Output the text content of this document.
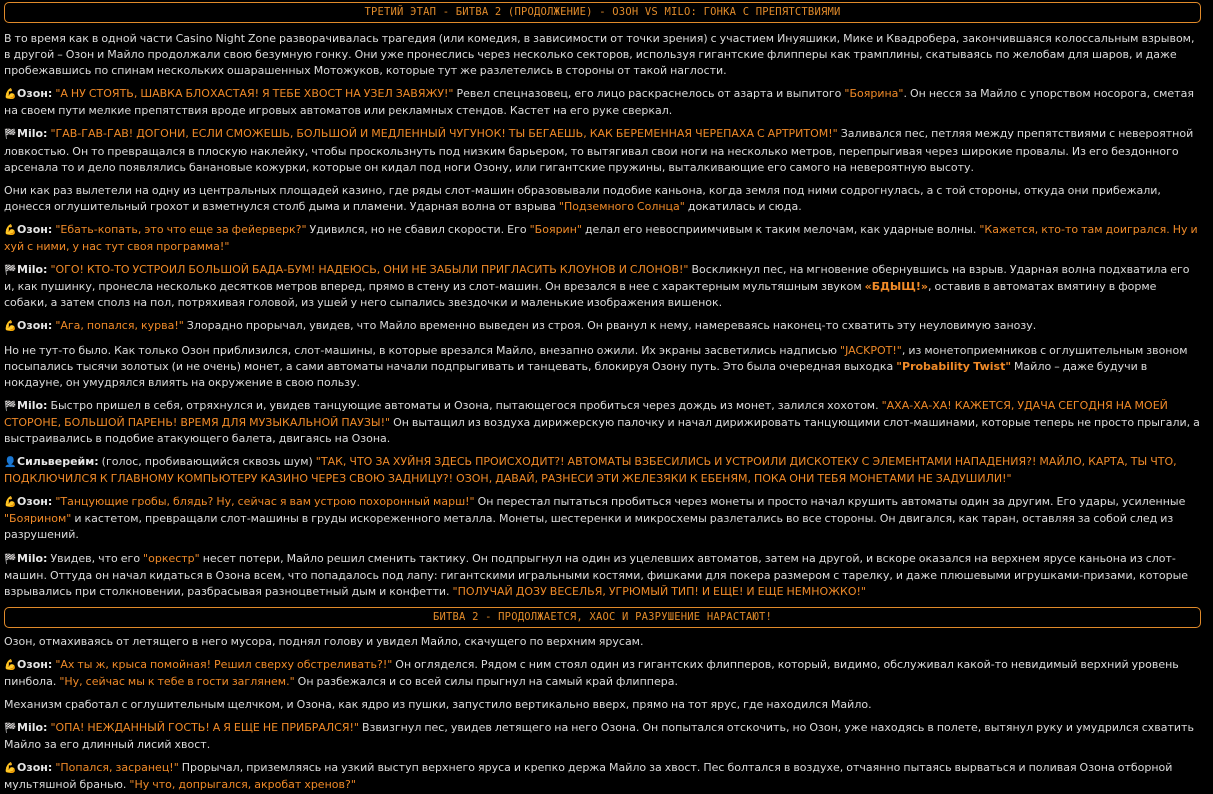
ТРЕТИЙ ЭТАП - БИТВА 2 (ПРОДОЛЖЕНИЕ) - ОЗОН VS MILO: ГОНКА С ПРЕПЯТСТВИЯМИ
В то время как в одной части Casino Night Zone разворачивалась трагедия (или комедия, в зависимости от точки зрения) с участием Инуяшики, Мике и Квадробера, закончившаяся колоссальным взрывом, в другой – Озон и Майло продолжали свою безумную гонку. Они уже пронеслись через несколько секторов, используя гигантские флипперы как трамплины, скатываясь по желобам для шаров, и даже пробежавшись по спинам нескольких ошарашенных Мотожуков, которые тут же разлетелись в стороны от такой наглости.
💪Озон: "А НУ СТОЯТЬ, ШАВКА БЛОХАСТАЯ! Я ТЕБЕ ХВОСТ НА УЗЕЛ ЗАВЯЖУ!" Ревел спецназовец, его лицо раскраснелось от азарта и выпитого "Боярина". Он несся за Майло с упорством носорога, сметая на своем пути мелкие препятствия вроде игровых автоматов или рекламных стендов. Кастет на его руке сверкал.
🏁Milo: "ГАВ-ГАВ-ГАВ! ДОГОНИ, ЕСЛИ СМОЖЕШЬ, БОЛЬШОЙ И МЕДЛЕННЫЙ ЧУГУНОК! ТЫ БЕГАЕШЬ, КАК БЕРЕМЕННАЯ ЧЕРЕПАХА С АРТРИТОМ!" Заливался пес, петляя между препятствиями с невероятной ловкостью. Он то превращался в плоскую наклейку, чтобы проскользнуть под низким барьером, то вытягивал свои ноги на несколько метров, перепрыгивая через широкие провалы. Из его бездонного арсенала то и дело появлялись банановые кожурки, которые он кидал под ноги Озону, или гигантские пружины, выталкивающие его самого на невероятную высоту.
Они как раз вылетели на одну из центральных площадей казино, где ряды слот-машин образовывали подобие каньона, когда земля под ними содрогнулась, а с той стороны, откуда они прибежали, донесся оглушительный грохот и взметнулся столб дыма и пламени. Ударная волна от взрыва "Подземного Солнца" докатилась и сюда.
💪Озон: "Ебать-копать, это что еще за фейерверк?" Удивился, но не сбавил скорости. Его "Боярин" делал его невосприимчивым к таким мелочам, как ударные волны. "Кажется, кто-то там доигрался. Ну и хуй с ними, у нас тут своя программа!"
🏁Milo: "ОГО! КТО-ТО УСТРОИЛ БОЛЬШОЙ БАДА-БУМ! НАДЕЮСЬ, ОНИ НЕ ЗАБЫЛИ ПРИГЛАСИТЬ КЛОУНОВ И СЛОНОВ!" Воскликнул пес, на мгновение обернувшись на взрыв. Ударная волна подхватила его и, как пушинку, пронесла несколько десятков метров вперед, прямо в стену из слот-машин. Он врезался в нее с характерным мультяшным звуком «БДЫЩ!», оставив в автоматах вмятину в форме собаки, а затем сполз на пол, потряхивая головой, из ушей у него сыпались звездочки и маленькие изображения вишенок.
💪Озон: "Ага, попался, курва!" Злорадно прорычал, увидев, что Майло временно выведен из строя. Он рванул к нему, намереваясь наконец-то схватить эту неуловимую занозу.
Но не тут-то было. Как только Озон приблизился, слот-машины, в которые врезался Майло, внезапно ожили. Их экраны засветились надписью "JACKPOT!", из монетоприемников с оглушительным звоном посыпались тысячи золотых (и не очень) монет, а сами автоматы начали подпрыгивать и танцевать, блокируя Озону путь. Это была очередная выходка "Probability Twist" Майло – даже будучи в нокдауне, он умудрялся влиять на окружение в свою пользу.
🏁Milo: Быстро пришел в себя, отряхнулся и, увидев танцующие автоматы и Озона, пытающегося пробиться через дождь из монет, залился хохотом. "АХА-ХА-ХА! КАЖЕТСЯ, УДАЧА СЕГОДНЯ НА МОЕЙ СТОРОНЕ, БОЛЬШОЙ ПАРЕНЬ! ВРЕМЯ ДЛЯ МУЗЫКАЛЬНОЙ ПАУЗЫ!" Он вытащил из воздуха дирижерскую палочку и начал дирижировать танцующими слот-машинами, которые теперь не просто прыгали, а выстраивались в подобие атакующего балета, двигаясь на Озона.
👤Сильверейм: (голос, пробивающийся сквозь шум) "ТАК, ЧТО ЗА ХУЙНЯ ЗДЕСЬ ПРОИСХОДИТ?! АВТОМАТЫ ВЗБЕСИЛИСЬ И УСТРОИЛИ ДИСКОТЕКУ С ЭЛЕМЕНТАМИ НАПАДЕНИЯ?! МАЙЛО, КАРТА, ТЫ ЧТО, ПОДКЛЮЧИЛСЯ К ГЛАВНОМУ КОМПЬЮТЕРУ КАЗИНО ЧЕРЕЗ СВОЮ ЗАДНИЦУ?! ОЗОН, ДАВАЙ, РАЗНЕСИ ЭТИ ЖЕЛЕЗЯКИ К ЕБЕНЯМ, ПОКА ОНИ ТЕБЯ МОНЕТАМИ НЕ ЗАДУШИЛИ!"
💪Озон: "Танцующие гробы, блядь? Ну, сейчас я вам устрою похоронный марш!" Он перестал пытаться пробиться через монеты и просто начал крушить автоматы один за другим. Его удары, усиленные "Боярином" и кастетом, превращали слот-машины в груды искореженного металла. Монеты, шестеренки и микросхемы разлетались во все стороны. Он двигался, как таран, оставляя за собой след из разрушений.
🏁Milo: Увидев, что его "оркестр" несет потери, Майло решил сменить тактику. Он подпрыгнул на один из уцелевших автоматов, затем на другой, и вскоре оказался на верхнем ярусе каньона из слот-машин. Оттуда он начал кидаться в Озона всем, что попадалось под лапу: гигантскими игральными костями, фишками для покера размером с тарелку, и даже плюшевыми игрушками-призами, которые взрывались при столкновении, разбрасывая разноцветный дым и конфетти. "ПОЛУЧАЙ ДОЗУ ВЕСЕЛЬЯ, УГРЮМЫЙ ТИП! И ЕЩЕ! И ЕЩЕ НЕМНОЖКО!"
БИТВА 2 - ПРОДОЛЖАЕТСЯ, ХАОС И РАЗРУШЕНИЕ НАРАСТАЮТ!
Озон, отмахиваясь от летящего в него мусора, поднял голову и увидел Майло, скачущего по верхним ярусам.
💪Озон: "Ах ты ж, крыса помойная! Решил сверху обстреливать?!" Он огляделся. Рядом с ним стоял один из гигантских флипперов, который, видимо, обслуживал какой-то невидимый верхний уровень пинбола. "Ну, сейчас мы к тебе в гости заглянем." Он разбежался и со всей силы прыгнул на самый край флиппера.
Механизм сработал с оглушительным щелчком, и Озона, как ядро из пушки, запустило вертикально вверх, прямо на тот ярус, где находился Майло.
🏁Milo: "ОПА! НЕЖДАННЫЙ ГОСТЬ! А Я ЕЩЕ НЕ ПРИБРАЛСЯ!" Взвизгнул пес, увидев летящего на него Озона. Он попытался отскочить, но Озон, уже находясь в полете, вытянул руку и умудрился схватить Майло за его длинный лисий хвост.
💪Озон: "Попался, засранец!" Прорычал, приземляясь на узкий выступ верхнего яруса и крепко держа Майло за хвост. Пес болтался в воздухе, отчаянно пытаясь вырваться и поливая Озона отборной мультяшной бранью. "Ну что, допрыгался, акробат хренов?"
